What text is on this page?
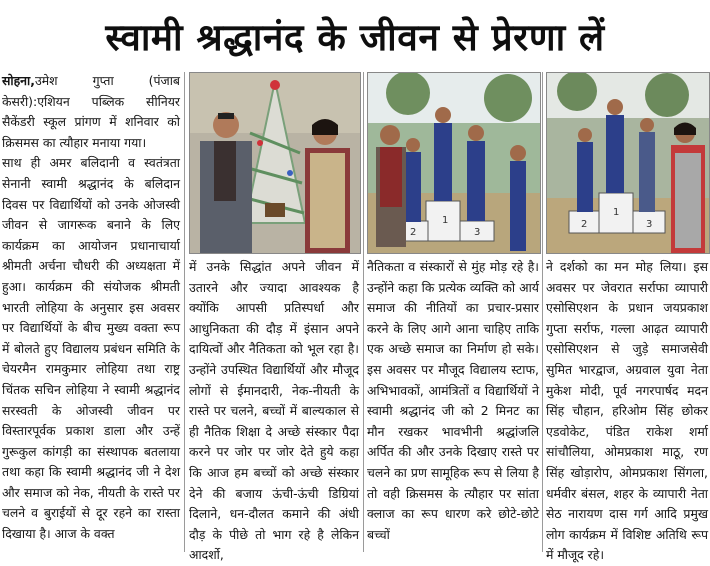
स्वामी श्रद्धानंद के जीवन से प्रेरणा लें

सोहना,उमेश गुप्ता (पंजाब केसरी):एशियन पब्लिक सीनियर सैकेंडरी स्कूल प्रांगण में शनिवार को क्रिसमस का त्यौहार मनाया गया।

साथ ही अमर बलिदानी व स्वतंत्रता सेनानी स्वामी श्रद्धानंद के बलिदान दिवस पर विद्यार्थियों को उनके ओजस्वी जीवन से जागरूक बनाने के लिए कार्यक्रम का आयोजन प्रधानाचार्या श्रीमती अर्चना चौधरी की अध्यक्षता में हुआ। कार्यक्रम की संयोजक श्रीमती भारती लोहिया के अनुसार इस अवसर पर विद्यार्थियों के बीच मुख्य वक्ता रूप में बोलते हुए विद्यालय प्रबंधन समिति के चेयरमैन रामकुमार लोहिया तथा राष्ट्र चिंतक सचिन लोहिया ने स्वामी श्रद्धानंद सरस्वती के ओजस्वी जीवन पर विस्तारपूर्वक प्रकाश डाला और उन्हें गुरूकुल कांगड़ी का संस्थापक बतलाया तथा कहा कि स्वामी श्रद्धानंद जी ने देश और समाज को नेक, नीयती के रास्ते पर चलने व बुराईयों से दूर रहने का रास्ता दिखाया है। आज के वक्त

1
2	3
1
2	3

में उनके सिद्धांत अपने जीवन में उतारने और ज्यादा आवश्यक है क्योंकि आपसी प्रतिस्पर्धा और आधुनिकता की दौड़ में इंसान अपने दायित्वों और नैतिकता को भूल रहा है। उन्होंने उपस्थित विद्यार्थियों और मौजूद लोगों से ईमानदारी, नेक-नीयती के रास्ते पर चलने, बच्चों में बाल्यकाल से ही नैतिक शिक्षा दे अच्छे संस्कार पैदा करने पर जोर पर जोर देते हुये कहा कि आज हम बच्चों को अच्छे संस्कार देने की बजाय ऊंची-ऊंची डिग्रियां दिलाने, धन-दौलत कमाने की अंधी दौड़ के पीछे तो भाग रहे है लेकिन आदर्शो,

नैतिकता व संस्कारों से मुंह मोड़ रहे है। उन्होंने कहा कि प्रत्येक व्यक्ति को आर्य समाज की नीतियों का प्रचार-प्रसार करने के लिए आगे आना चाहिए ताकि एक अच्छे समाज का निर्माण हो सके। इस अवसर पर मौजूद विद्यालय स्टाफ, अभिभावकों, आमंत्रितों व विद्यार्थियों ने स्वामी श्रद्धानंद जी को 2 मिनट का मौन रखकर भावभीनी श्रद्धांजलि अर्पित की और उनके दिखाए रास्ते पर चलने का प्रण सामूहिक रूप से लिया है तो वही क्रिसमस के त्यौहार पर सांता क्लाज का रूप धारण करे छोटे-छोटे बच्चों

ने दर्शको का मन मोह लिया। इस अवसर पर जेवरात सर्राफा व्यापारी एसोसिएशन के प्रधान जयप्रकाश गुप्ता सर्राफ, गल्ला आढ़त व्यापारी एसोसिएशन से जुड़े समाजसेवी सुमित भारद्वाज, अग्रवाल युवा नेता मुकेश मोदी, पूर्व नगरपार्षद मदन सिंह चौहान, हरिओम सिंह छोकर एडवोकेट, पंडित राकेश शर्मा सांचौलिया, ओमप्रकाश माठू, रण सिंह खोड़ारोप, ओमप्रकाश सिंगला, धर्मवीर बंसल, शहर के व्यापारी नेता सेठ नारायण दास गर्ग आदि प्रमुख लोग कार्यक्रम में विशिष्ट अतिथि रूप में मौजूद रहे।
